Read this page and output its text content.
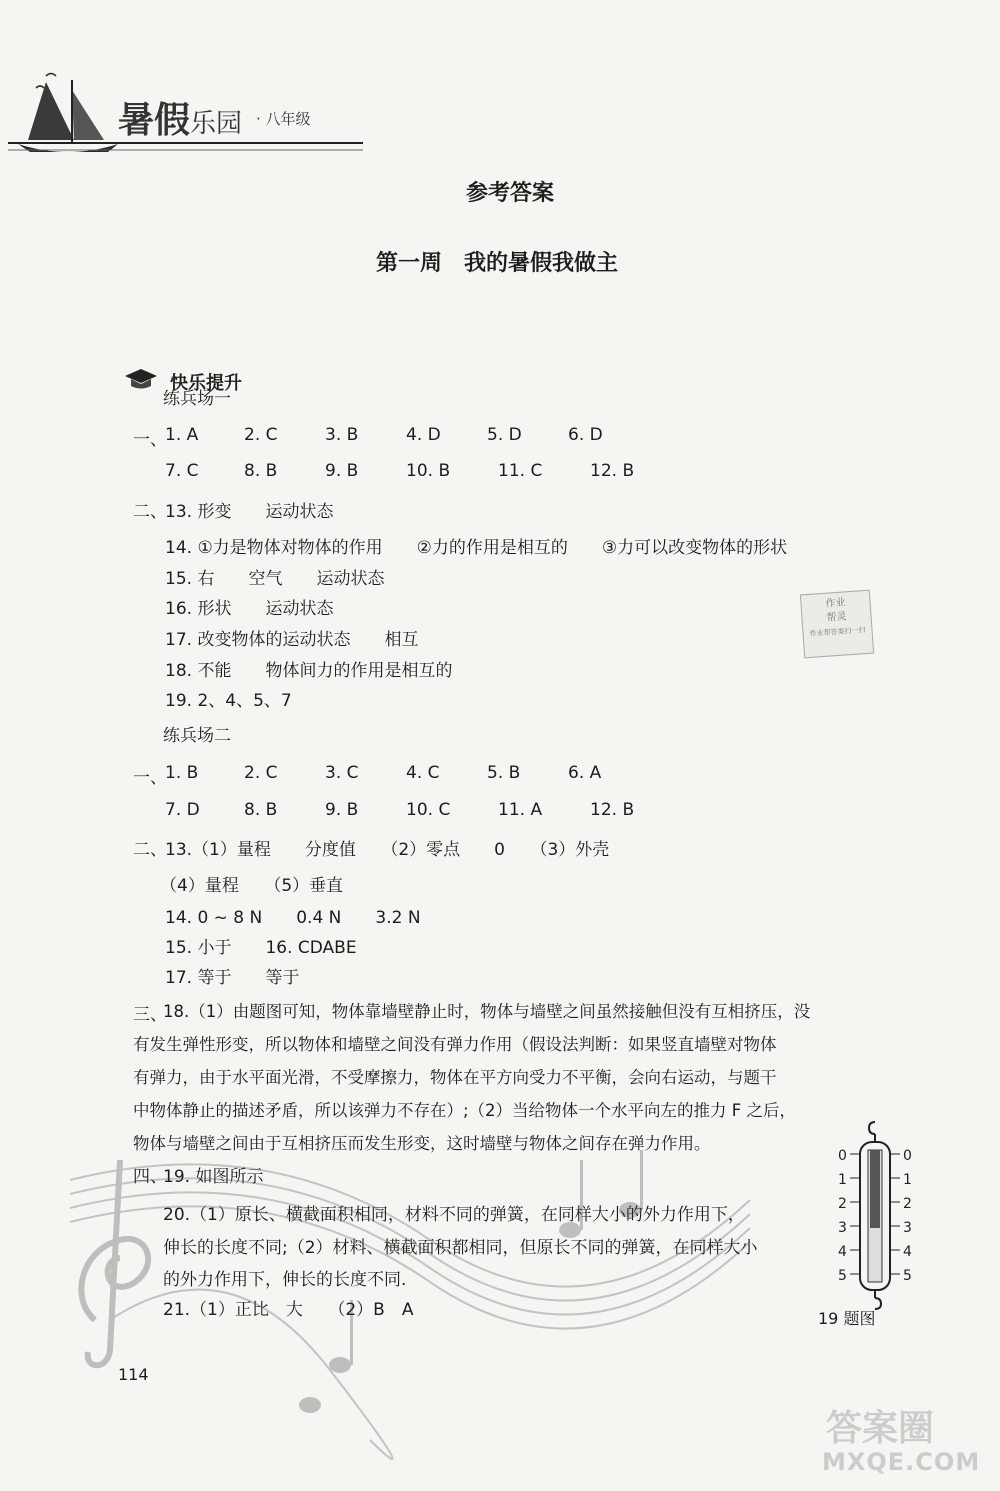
暑假乐园 · 八年级
参考答案
第一周　我的暑假我做主
快乐提升
练兵场一
一、
1. A	2. C	3. B	4. D	5. D	6. D
7. C	8. B	9. B	10. B	11. C	12. B
二、
13. 形变　　运动状态
14. ①力是物体对物体的作用　　②力的作用是相互的　　③力可以改变物体的形状
15. 右　　空气　　运动状态
16. 形状　　运动状态
17. 改变物体的运动状态　　相互
18. 不能　　物体间力的作用是相互的
19. 2、4、5、7
作业
帮灵
作业帮答案扫一扫
练兵场二
一、
1. B	2. C	3. C	4. C	5. B	6. A
7. D	8. B	9. B	10. C	11. A	12. B
二、
13.（1）量程　　分度值　　（2）零点　　0　　（3）外壳
（4）量程　　（5）垂直
14. 0 ~ 8 N　　0.4 N　　3.2 N
15. 小于　　16. CDABE
17. 等于　　等于
三、
18.（1）由题图可知，物体靠墙壁静止时，物体与墙壁之间虽然接触但没有互相挤压，没
有发生弹性形变，所以物体和墙壁之间没有弹力作用（假设法判断：如果竖直墙壁对物体
有弹力，由于水平面光滑，不受摩擦力，物体在平方向受力不平衡，会向右运动，与题干
中物体静止的描述矛盾，所以该弹力不存在）;（2）当给物体一个水平向左的推力 F 之后，
物体与墙壁之间由于互相挤压而发生形变，这时墙壁与物体之间存在弹力作用。
四、
19. 如图所示
20.（1）原长、横截面积相同，材料不同的弹簧，在同样大小的外力作用下，
伸长的长度不同;（2）材料、横截面积都相同，但原长不同的弹簧，在同样大小
的外力作用下，伸长的长度不同.
21.（1）正比　大　　（2）B　A
0
1
2
3
4
5
0
1
2
3
4
5
19 题图
114
答案圈
MXQE.COM
